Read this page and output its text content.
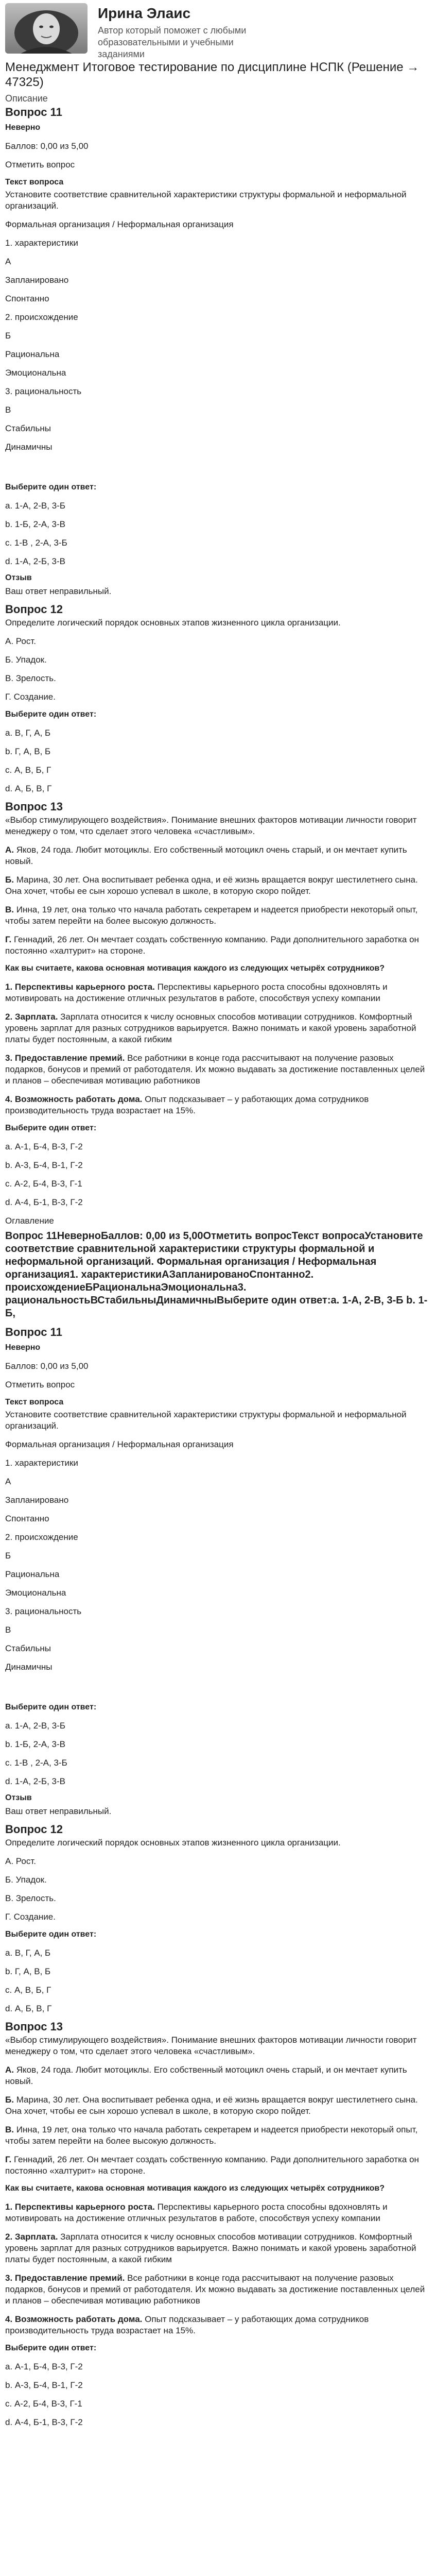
Ирина Элаис
Автор который поможет с любыми образовательными и учебными заданиями
Менеджмент Итоговое тестирование по дисциплине НСПК (Решение → 47325)
Описание
Вопрос 11
Неверно
Баллов: 0,00 из 5,00
Отметить вопрос
Текст вопроса
Установите соответствие сравнительной характеристики структуры формальной и неформальной организаций.
Формальная организация / Неформальная организация
1. характеристики
А
Запланировано
Спонтанно
2. происхождение
Б
Рациональна
Эмоциональна
3. рациональность
В
Стабильны
Динамичны
Выберите один ответ:
a. 1-А, 2-В, 3-Б
b. 1-Б, 2-А, 3-В
c. 1-В , 2-А, 3-Б
d. 1-А, 2-Б, 3-В
Отзыв
Ваш ответ неправильный.
Вопрос 12
Определите логический порядок основных этапов жизненного цикла организации.
А. Рост.
Б. Упадок.
В. Зрелость.
Г. Создание.
Выберите один ответ:
a. В, Г, А, Б
b. Г, А, В, Б
c. А, В, Б, Г
d. А, Б, В, Г
Вопрос 13
«Выбор стимулирующего воздействия». Понимание внешних факторов мотивации личности говорит менеджеру о том, что сделает этого человека «счастливым».
А. Яков, 24 года. Любит мотоциклы. Его собственный мотоцикл очень старый, и он мечтает купить новый.
Б. Марина, 30 лет. Она воспитывает ребенка одна, и её жизнь вращается вокруг шестилетнего сына. Она хочет, чтобы ее сын хорошо успевал в школе, в которую скоро пойдет.
В. Инна, 19 лет, она только что начала работать секретарем и надеется приобрести некоторый опыт, чтобы затем перейти на более высокую должность.
Г. Геннадий, 26 лет. Он мечтает создать собственную компанию. Ради дополнительного заработка он постоянно «халтурит» на стороне.
Как вы считаете, какова основная мотивация каждого из следующих четырёх сотрудников?
1. Перспективы карьерного роста. Перспективы карьерного роста способны вдохновлять и мотивировать на достижение отличных результатов в работе, способствуя успеху компании
2. Зарплата. Зарплата относится к числу основных способов мотивации сотрудников. Комфортный уровень зарплат для разных сотрудников варьируется. Важно понимать и какой уровень заработной платы будет постоянным, а какой гибким
3. Предоставление премий. Все работники в конце года рассчитывают на получение разовых подарков, бонусов и премий от работодателя. Их можно выдавать за достижение поставленных целей и планов – обеспечивая мотивацию работников
4. Возможность работать дома. Опыт подсказывает – у работающих дома сотрудников производительность труда возрастает на 15%.
Выберите один ответ:
a. А-1, Б-4, В-3, Г-2
b. А-3, Б-4, В-1, Г-2
c. А-2, Б-4, В-3, Г-1
d. А-4, Б-1, В-3, Г-2
Оглавление
Вопрос 11НеверноБаллов: 0,00 из 5,00Отметить вопросТекст вопросаУстановите соответствие сравнительной характеристики структуры формальной и неформальной организаций. Формальная организация / Неформальная организация1. характеристикиАЗапланированоСпонтанно2. происхождениеБРациональнаЭмоциональна3. рациональностьВСтабильныДинамичныВыберите один ответ:a. 1-А, 2-В, 3-Б b. 1-Б,
Вопрос 11
Неверно
Баллов: 0,00 из 5,00
Отметить вопрос
Текст вопроса
Установите соответствие сравнительной характеристики структуры формальной и неформальной организаций.
Формальная организация / Неформальная организация
1. характеристики
А
Запланировано
Спонтанно
2. происхождение
Б
Рациональна
Эмоциональна
3. рациональность
В
Стабильны
Динамичны
Выберите один ответ:
a. 1-А, 2-В, 3-Б
b. 1-Б, 2-А, 3-В
c. 1-В , 2-А, 3-Б
d. 1-А, 2-Б, 3-В
Отзыв
Ваш ответ неправильный.
Вопрос 12
Определите логический порядок основных этапов жизненного цикла организации.
А. Рост.
Б. Упадок.
В. Зрелость.
Г. Создание.
Выберите один ответ:
a. В, Г, А, Б
b. Г, А, В, Б
c. А, В, Б, Г
d. А, Б, В, Г
Вопрос 13
«Выбор стимулирующего воздействия». Понимание внешних факторов мотивации личности говорит менеджеру о том, что сделает этого человека «счастливым».
А. Яков, 24 года. Любит мотоциклы. Его собственный мотоцикл очень старый, и он мечтает купить новый.
Б. Марина, 30 лет. Она воспитывает ребенка одна, и её жизнь вращается вокруг шестилетнего сына. Она хочет, чтобы ее сын хорошо успевал в школе, в которую скоро пойдет.
В. Инна, 19 лет, она только что начала работать секретарем и надеется приобрести некоторый опыт, чтобы затем перейти на более высокую должность.
Г. Геннадий, 26 лет. Он мечтает создать собственную компанию. Ради дополнительного заработка он постоянно «халтурит» на стороне.
Как вы считаете, какова основная мотивация каждого из следующих четырёх сотрудников?
1. Перспективы карьерного роста. Перспективы карьерного роста способны вдохновлять и мотивировать на достижение отличных результатов в работе, способствуя успеху компании
2. Зарплата. Зарплата относится к числу основных способов мотивации сотрудников. Комфортный уровень зарплат для разных сотрудников варьируется. Важно понимать и какой уровень заработной платы будет постоянным, а какой гибким
3. Предоставление премий. Все работники в конце года рассчитывают на получение разовых подарков, бонусов и премий от работодателя. Их можно выдавать за достижение поставленных целей и планов – обеспечивая мотивацию работников
4. Возможность работать дома. Опыт подсказывает – у работающих дома сотрудников производительность труда возрастает на 15%.
Выберите один ответ:
a. А-1, Б-4, В-3, Г-2
b. А-3, Б-4, В-1, Г-2
c. А-2, Б-4, В-3, Г-1
d. А-4, Б-1, В-3, Г-2
